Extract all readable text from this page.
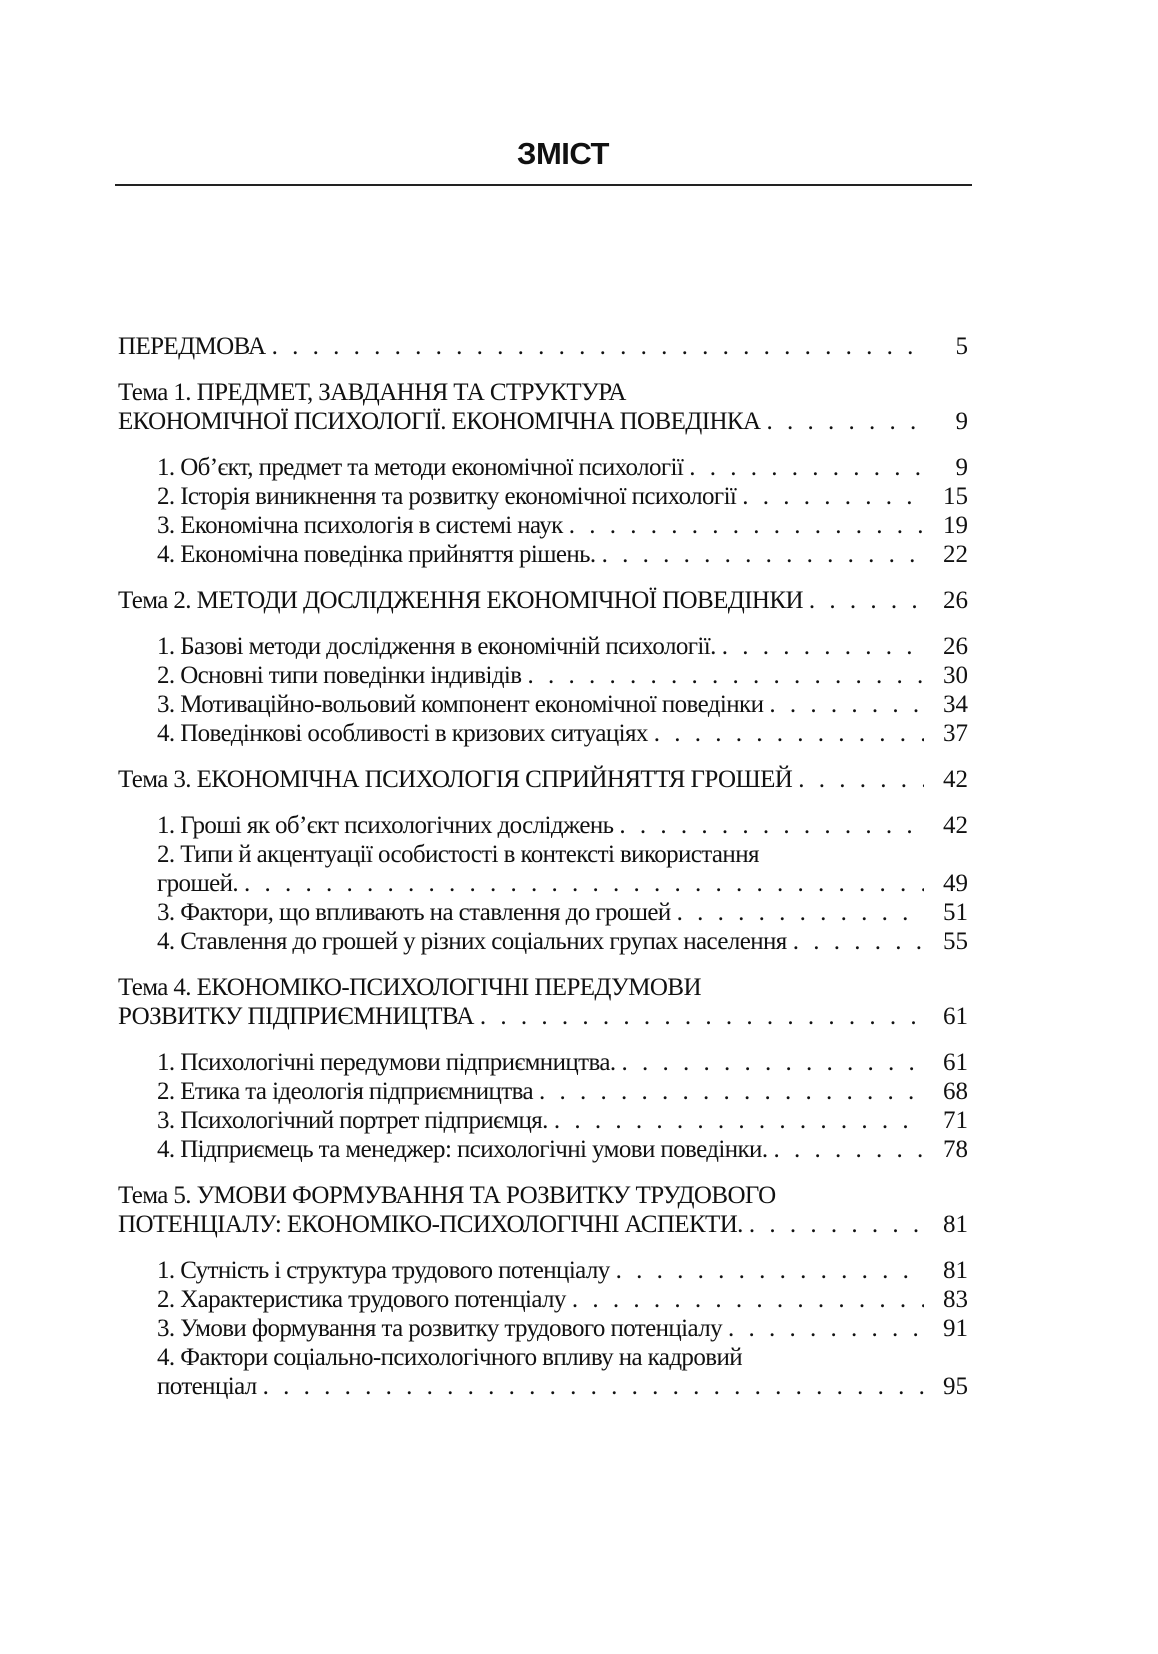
ЗМІСТ
ПЕРЕДМОВА . . .	5
Тема 1. ПРЕДМЕТ, ЗАВДАННЯ ТА СТРУКТУРА
ЕКОНОМІЧНОЇ ПСИХОЛОГІЇ. ЕКОНОМІЧНА ПОВЕДІНКА . . .	9
1. Об’єкт, предмет та методи економічної психології . . .	9
2. Історія виникнення та розвитку економічної психології . . .	15
3. Економічна психологія в системі наук . . .	19
4. Економічна поведінка прийняття рішень. . . .	22
Тема 2. МЕТОДИ ДОСЛІДЖЕННЯ ЕКОНОМІЧНОЇ ПОВЕДІНКИ . . .	26
1. Базові методи дослідження в економічній психології. . . .	26
2. Основні типи поведінки індивідів . . .	30
3. Мотиваційно-вольовий компонент економічної поведінки . . .	34
4. Поведінкові особливості в кризових ситуаціях . . .	37
Тема 3. ЕКОНОМІЧНА ПСИХОЛОГІЯ СПРИЙНЯТТЯ ГРОШЕЙ . . .	42
1. Гроші як об’єкт психологічних досліджень . . .	42
2. Типи й акцентуації особистості в контексті використання
грошей. . . .	49
3. Фактори, що впливають на ставлення до грошей . . .	51
4. Ставлення до грошей у різних соціальних групах населення . . .	55
Тема 4. ЕКОНОМІКО-ПСИХОЛОГІЧНІ ПЕРЕДУМОВИ
РОЗВИТКУ ПІДПРИЄМНИЦТВА . . .	61
1. Психологічні передумови підприємництва. . . .	61
2. Етика та ідеологія підприємництва . . .	68
3. Психологічний портрет підприємця. . . .	71
4. Підприємець та менеджер: психологічні умови поведінки. . . .	78
Тема 5. УМОВИ ФОРМУВАННЯ ТА РОЗВИТКУ ТРУДОВОГО
ПОТЕНЦІАЛУ: ЕКОНОМІКО-ПСИХОЛОГІЧНІ АСПЕКТИ. . . .	81
1. Сутність і структура трудового потенціалу . . .	81
2. Характеристика трудового потенціалу . . .	83
3. Умови формування та розвитку трудового потенціалу . . .	91
4. Фактори соціально-психологічного впливу на кадровий
потенціал . . .	95
